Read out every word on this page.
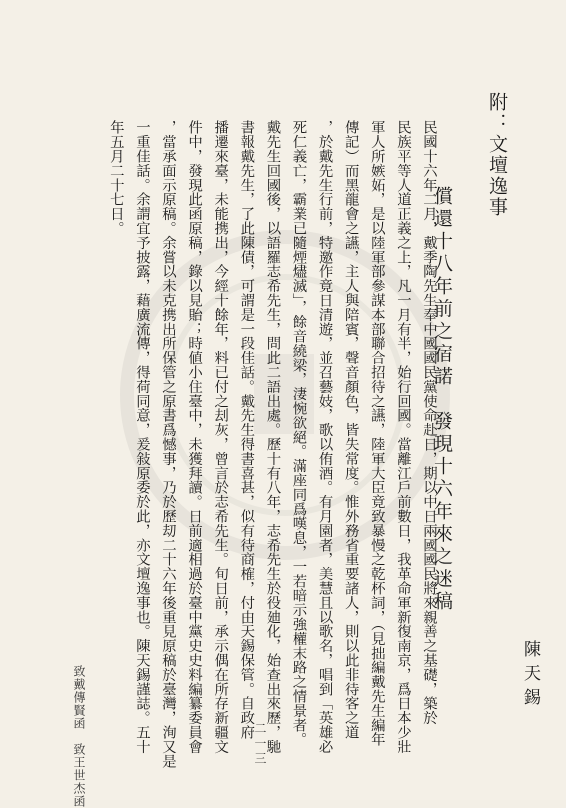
附：文壇逸事
償還十八年前之宿諾　發現十六年來之迷稿
陳天錫
民國十六年二月，戴季陶先生奉中國國民黨使命赴日，期以中日兩國國民將來親善之基礎，築於
民族平等人道正義之上，凡一月有半，始行回國。當離江戶前數日，我革命軍新復南京，爲日本少壯
軍人所嫉妬，是以陸軍部參謀本部聯合招待之讌，陸軍大臣竟致暴慢之乾杯詞，（見拙編戴先生編年
傳記）而黑龍會之讌，主人與陪賓，聲音顏色，皆失常度。惟外務省重要諸人，則以此非待客之道
，於戴先生行前，特邀作竟日清遊，並召藝妓，歌以侑酒。有月園者，美慧且以歌名，唱到「英雄必
死仁義亡，霸業已隨煙燼滅」，餘音繞梁，淒惋欲絕。滿座同爲嘆息，一若暗示強權末路之情景者。
戴先生回國後，以語羅志希先生，問此二語出處。歷十有八年，志希先生於役廸化，始查出來歷，馳
書報戴先生，了此陳債，可謂是一段佳話。戴先生得書喜甚，似有待商榷，付由天錫保管。自政府
播遷來臺，未能携出，今經十餘年，料已付之刦灰，曾言於志希先生。旬日前，承示偶在所存新疆文
件中，發現此函原稿，錄以見貽；時値小住臺中，未獲拜讀。日前適相過於臺中黨史史料編纂委員會
，當承面示原稿。余嘗以未克携出所保管之原書爲憾事，乃於歷刧二十六年後重見原稿於臺灣，洵又是
一重佳話。余謂宜予披露，藉廣流傳，得荷同意，爰敍原委於此，亦文壇逸事也。陳天錫謹誌。五十
年五月二十七日。
致戴傳賢函　致王世杰函	二一三
